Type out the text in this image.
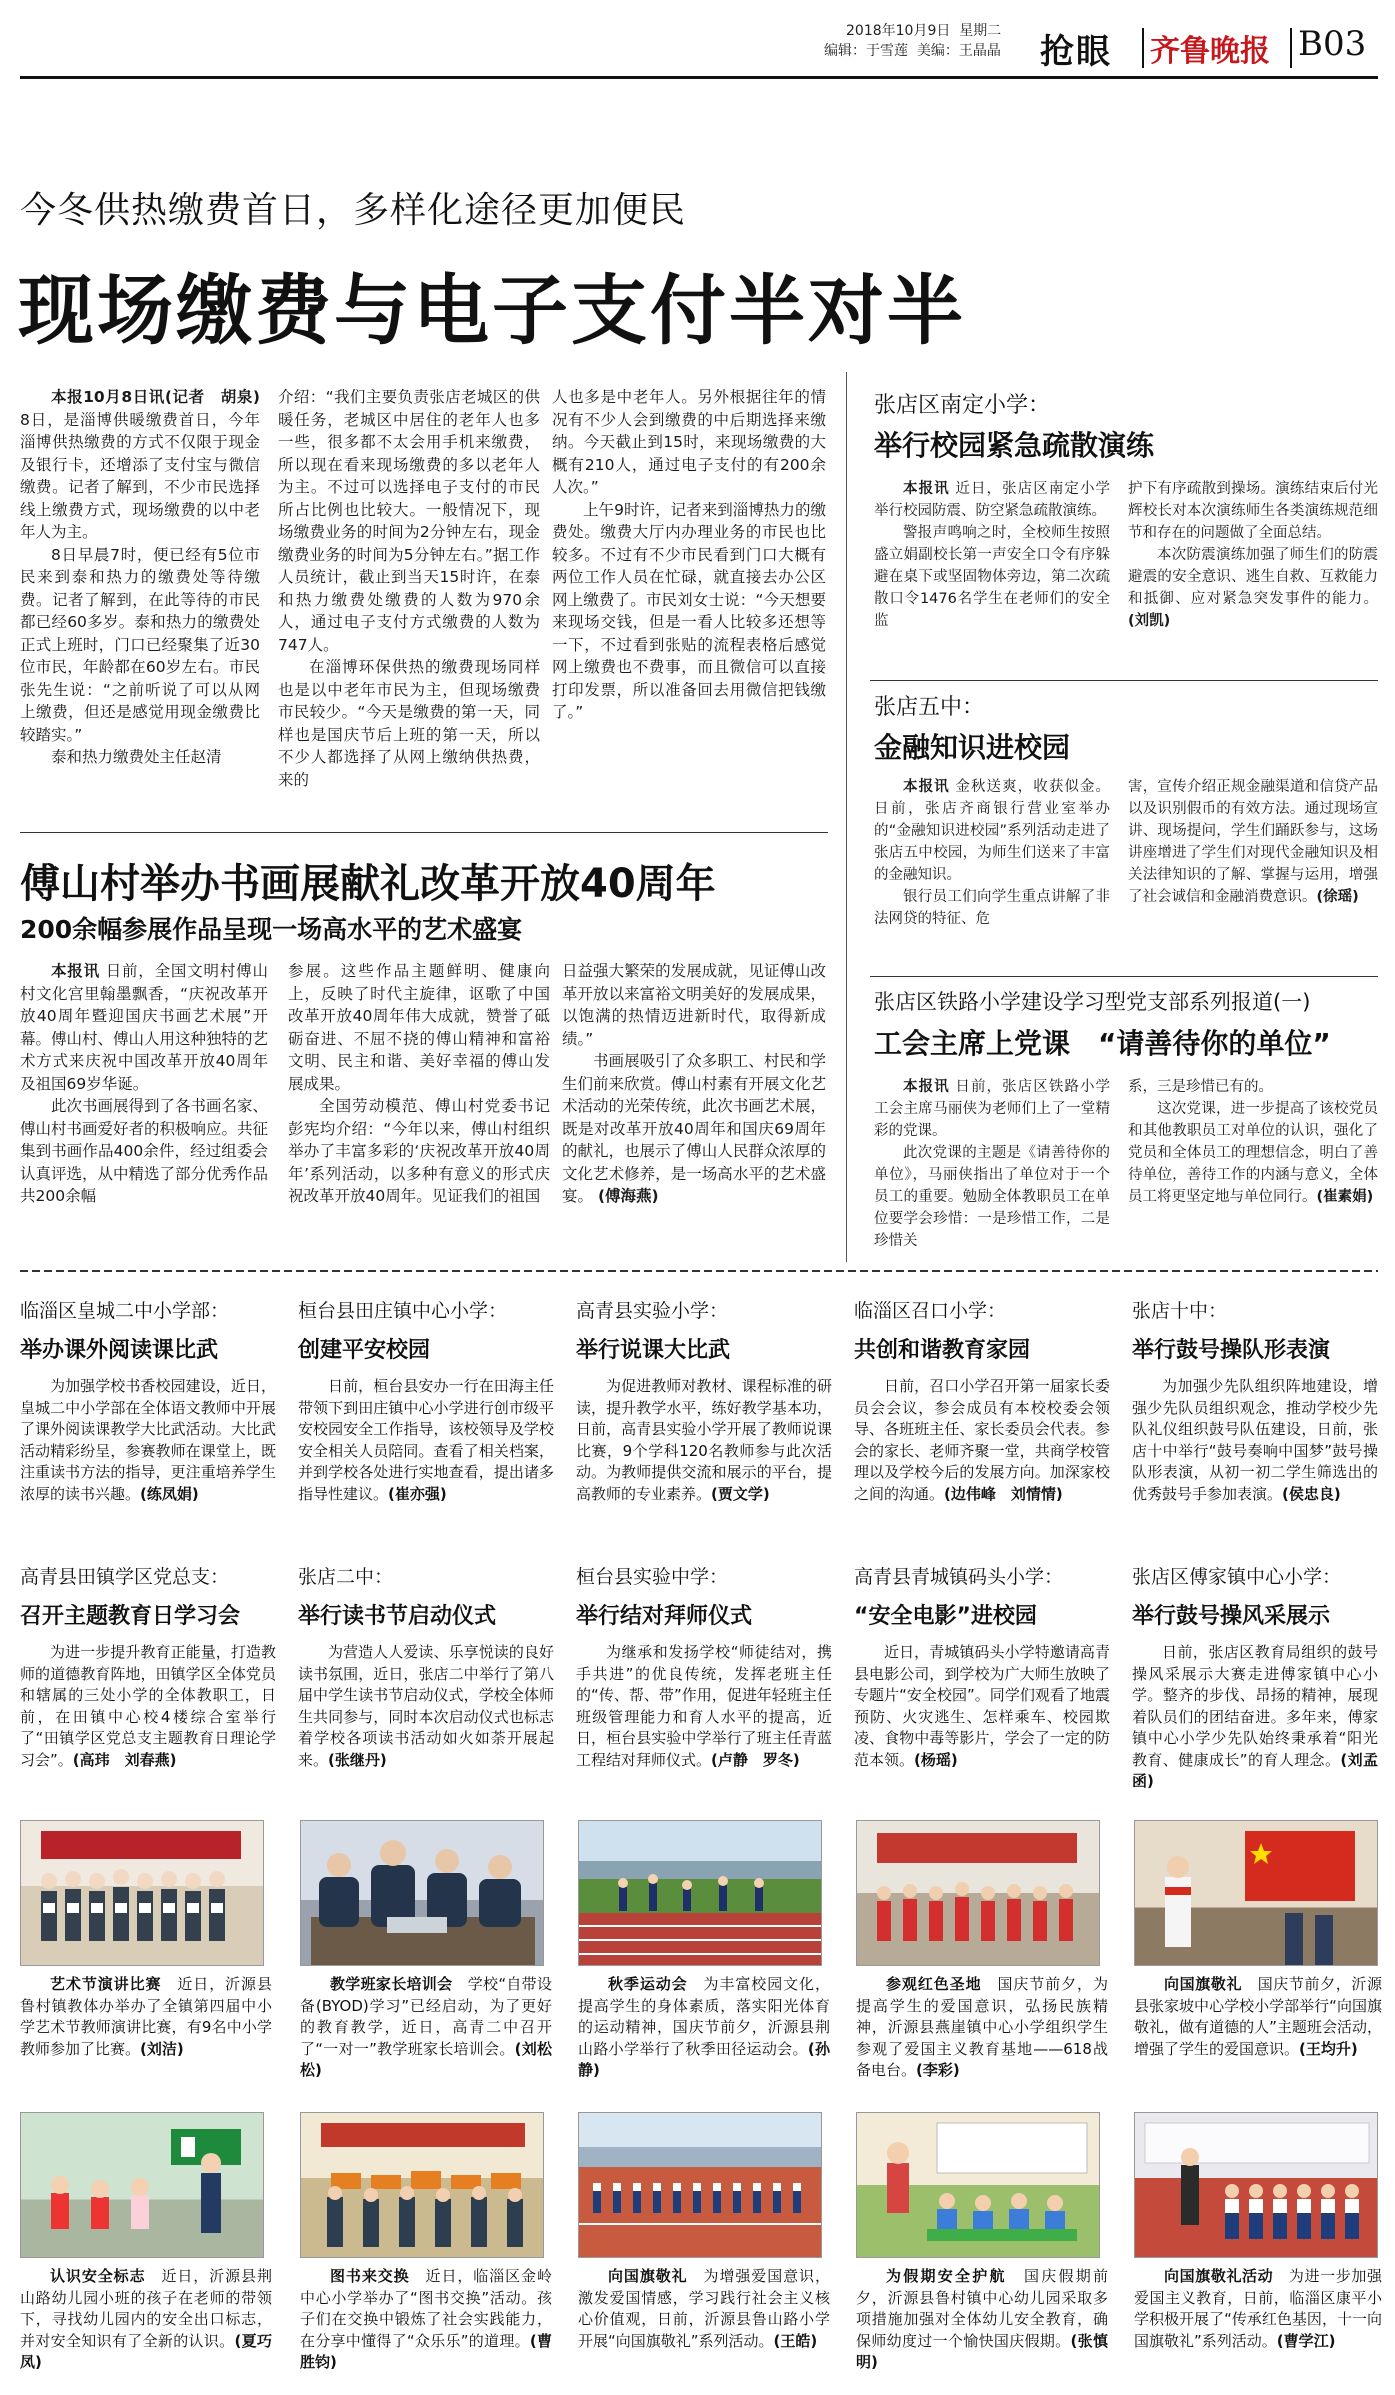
2018年10月9日 星期二
编辑：于雪莲 美编：王晶晶 抢眼 齐鲁晚报 B03
今冬供热缴费首日，多样化途径更加便民
现场缴费与电子支付半对半

本报10月8日讯(记者　胡泉) 8日，是淄博供暖缴费首日，今年淄博供热缴费的方式不仅限于现金及银行卡，还增添了支付宝与微信缴费。记者了解到，不少市民选择线上缴费方式，现场缴费的以中老年人为主。

8日早晨7时，便已经有5位市民来到泰和热力的缴费处等待缴费。记者了解到，在此等待的市民都已经60多岁。泰和热力的缴费处正式上班时，门口已经聚集了近30位市民，年龄都在60岁左右。市民张先生说：“之前听说了可以从网上缴费，但还是感觉用现金缴费比较踏实。”

泰和热力缴费处主任赵清

介绍：“我们主要负责张店老城区的供暖任务，老城区中居住的老年人也多一些，很多都不太会用手机来缴费，所以现在看来现场缴费的多以老年人为主。不过可以选择电子支付的市民所占比例也比较大。一般情况下，现场缴费业务的时间为2分钟左右，现金缴费业务的时间为5分钟左右。”据工作人员统计，截止到当天15时许，在泰和热力缴费处缴费的人数为970余人，通过电子支付方式缴费的人数为747人。

在淄博环保供热的缴费现场同样也是以中老年市民为主，但现场缴费市民较少。“今天是缴费的第一天，同样也是国庆节后上班的第一天，所以不少人都选择了从网上缴纳供热费，来的

人也多是中老年人。另外根据往年的情况有不少人会到缴费的中后期选择来缴纳。今天截止到15时，来现场缴费的大概有210人，通过电子支付的有200余人次。”

上午9时许，记者来到淄博热力的缴费处。缴费大厅内办理业务的市民也比较多。不过有不少市民看到门口大概有两位工作人员在忙碌，就直接去办公区网上缴费了。市民刘女士说：“今天想要来现场交钱，但是一看人比较多还想等一下，不过看到张贴的流程表格后感觉网上缴费也不费事，而且微信可以直接打印发票，所以准备回去用微信把钱缴了。”

傅山村举办书画展献礼改革开放40周年
200余幅参展作品呈现一场高水平的艺术盛宴

本报讯 日前，全国文明村傅山村文化宫里翰墨飘香，“庆祝改革开放40周年暨迎国庆书画艺术展”开幕。傅山村、傅山人用这种独特的艺术方式来庆祝中国改革开放40周年及祖国69岁华诞。

此次书画展得到了各书画名家、傅山村书画爱好者的积极响应。共征集到书画作品400余件，经过组委会认真评选，从中精选了部分优秀作品共200余幅

参展。这些作品主题鲜明、健康向上，反映了时代主旋律，讴歌了中国改革开放40周年伟大成就，赞誉了砥砺奋进、不屈不挠的傅山精神和富裕文明、民主和谐、美好幸福的傅山发展成果。

全国劳动模范、傅山村党委书记彭宪均介绍：“今年以来，傅山村组织举办了丰富多彩的‘庆祝改革开放40周年’系列活动，以多种有意义的形式庆祝改革开放40周年。见证我们的祖国

日益强大繁荣的发展成就，见证傅山改革开放以来富裕文明美好的发展成果，以饱满的热情迈进新时代，取得新成绩。”

书画展吸引了众多职工、村民和学生们前来欣赏。傅山村素有开展文化艺术活动的光荣传统，此次书画艺术展，既是对改革开放40周年和国庆69周年的献礼，也展示了傅山人民群众浓厚的文化艺术修养，是一场高水平的艺术盛宴。 (傅海燕)

张店区南定小学：
举行校园紧急疏散演练

本报讯 近日，张店区南定小学举行校园防震、防空紧急疏散演练。

警报声鸣响之时，全校师生按照盛立娟副校长第一声安全口令有序躲避在桌下或坚固物体旁边，第二次疏散口令1476名学生在老师们的安全监

护下有序疏散到操场。演练结束后付光辉校长对本次演练师生各类演练规范细节和存在的问题做了全面总结。

本次防震演练加强了师生们的防震避震的安全意识、逃生自救、互救能力和抵御、应对紧急突发事件的能力。(刘凯)

张店五中：
金融知识进校园

本报讯 金秋送爽，收获似金。日前，张店齐商银行营业室举办的“金融知识进校园”系列活动走进了张店五中校园，为师生们送来了丰富的金融知识。

银行员工们向学生重点讲解了非法网贷的特征、危

害，宣传介绍正规金融渠道和信贷产品以及识别假币的有效方法。通过现场宣讲、现场提问，学生们踊跃参与，这场讲座增进了学生们对现代金融知识及相关法律知识的了解、掌握与运用，增强了社会诚信和金融消费意识。(徐瑶)

张店区铁路小学建设学习型党支部系列报道(一)
工会主席上党课　“请善待你的单位”

本报讯 日前，张店区铁路小学工会主席马丽侠为老师们上了一堂精彩的党课。

此次党课的主题是《请善待你的单位》，马丽侠指出了单位对于一个员工的重要。勉励全体教职员工在单位要学会珍惜：一是珍惜工作，二是珍惜关

系，三是珍惜已有的。

这次党课，进一步提高了该校党员和其他教职员工对单位的认识，强化了党员和全体员工的理想信念，明白了善待单位，善待工作的内涵与意义，全体员工将更坚定地与单位同行。(崔素娟)

临淄区皇城二中小学部：
举办课外阅读课比武

为加强学校书香校园建设，近日，皇城二中小学部在全体语文教师中开展了课外阅读课教学大比武活动。大比武活动精彩纷呈，参赛教师在课堂上，既注重读书方法的指导，更注重培养学生浓厚的读书兴趣。(练凤娟)

桓台县田庄镇中心小学：
创建平安校园

日前，桓台县安办一行在田海主任带领下到田庄镇中心小学进行创市级平安校园安全工作指导，该校领导及学校安全相关人员陪同。查看了相关档案，并到学校各处进行实地查看，提出诸多指导性建议。(崔亦强)

高青县实验小学：
举行说课大比武

为促进教师对教材、课程标准的研读，提升教学水平，练好教学基本功，日前，高青县实验小学开展了教师说课比赛，9个学科120名教师参与此次活动。为教师提供交流和展示的平台，提高教师的专业素养。(贾文学)

临淄区召口小学：
共创和谐教育家园

日前，召口小学召开第一届家长委员会会议，参会成员有本校校委会领导、各班班主任、家长委员会代表。参会的家长、老师齐聚一堂，共商学校管理以及学校今后的发展方向。加深家校之间的沟通。(边伟峰　刘情情)

张店十中：
举行鼓号操队形表演

为加强少先队组织阵地建设，增强少先队员组织观念，推动学校少先队礼仪组织鼓号队伍建设，日前，张店十中举行“鼓号奏响中国梦”鼓号操队形表演，从初一初二学生筛选出的优秀鼓号手参加表演。(侯忠良)

高青县田镇学区党总支：
召开主题教育日学习会

为进一步提升教育正能量，打造教师的道德教育阵地，田镇学区全体党员和辖属的三处小学的全体教职工，日前，在田镇中心校4楼综合室举行了“田镇学区党总支主题教育日理论学习会”。(高玮　刘春燕)

张店二中：
举行读书节启动仪式

为营造人人爱读、乐享悦读的良好读书氛围，近日，张店二中举行了第八届中学生读书节启动仪式，学校全体师生共同参与，同时本次启动仪式也标志着学校各项读书活动如火如荼开展起来。(张继丹)

桓台县实验中学：
举行结对拜师仪式

为继承和发扬学校“师徒结对，携手共进”的优良传统，发挥老班主任的“传、帮、带”作用，促进年轻班主任班级管理能力和育人水平的提高，近日，桓台县实验中学举行了班主任青蓝工程结对拜师仪式。(卢静　罗冬)

高青县青城镇码头小学：
“安全电影”进校园

近日，青城镇码头小学特邀请高青县电影公司，到学校为广大师生放映了专题片“安全校园”。同学们观看了地震预防、火灾逃生、怎样乘车、校园欺凌、食物中毒等影片，学会了一定的防范本领。(杨瑶)

张店区傅家镇中心小学：
举行鼓号操风采展示

日前，张店区教育局组织的鼓号操风采展示大赛走进傅家镇中心小学。整齐的步伐、昂扬的精神，展现着队员们的团结奋进。多年来，傅家镇中心小学少先队始终秉承着“阳光教育、健康成长”的育人理念。(刘孟函)

艺术节演讲比赛　 近日，沂源县鲁村镇教体办举办了全镇第四届中小学艺术节教师演讲比赛，有9名中小学教师参加了比赛。(刘洁)

教学班家长培训会　 学校“自带设备(BYOD)学习”已经启动，为了更好的教育教学，近日，高青二中召开了“一对一”教学班家长培训会。(刘松松)

秋季运动会　 为丰富校园文化，提高学生的身体素质，落实阳光体育的运动精神，国庆节前夕，沂源县荆山路小学举行了秋季田径运动会。(孙静)

参观红色圣地　 国庆节前夕，为提高学生的爱国意识，弘扬民族精神，沂源县燕崖镇中心小学组织学生参观了爱国主义教育基地——618战备电台。(李彩)

向国旗敬礼　 国庆节前夕，沂源县张家坡中心学校小学部举行“向国旗敬礼，做有道德的人”主题班会活动，增强了学生的爱国意识。(王均升)

认识安全标志　 近日，沂源县荆山路幼儿园小班的孩子在老师的带领下，寻找幼儿园内的安全出口标志，并对安全知识有了全新的认识。(夏巧凤)

图书来交换　 近日，临淄区金岭中心小学举办了“图书交换”活动。孩子们在交换中锻炼了社会实践能力，在分享中懂得了“众乐乐”的道理。(曹胜钧)

向国旗敬礼　 为增强爱国意识，激发爱国情感，学习践行社会主义核心价值观，日前，沂源县鲁山路小学开展“向国旗敬礼”系列活动。(王皓)

为假期安全护航　 国庆假期前夕，沂源县鲁村镇中心幼儿园采取多项措施加强对全体幼儿安全教育，确保师幼度过一个愉快国庆假期。(张慎明)

向国旗敬礼活动　 为进一步加强爱国主义教育，日前，临淄区康平小学积极开展了“传承红色基因，十一向国旗敬礼”系列活动。(曹学江)
